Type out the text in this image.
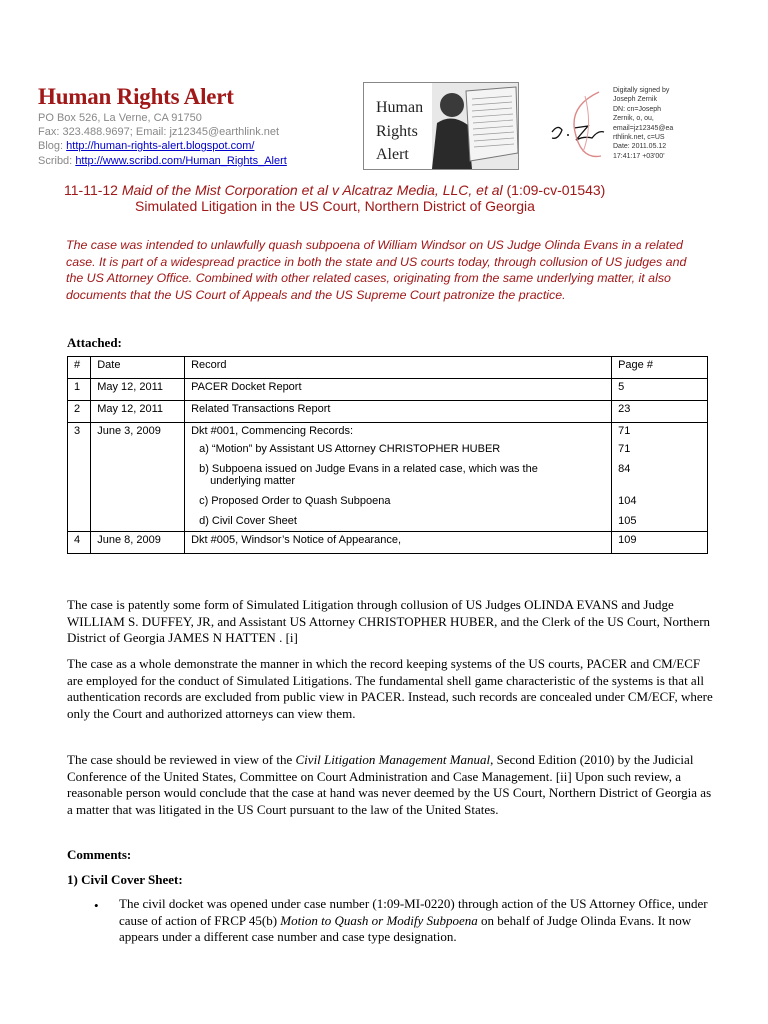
Human Rights Alert
PO Box 526, La Verne, CA 91750
Fax: 323.488.9697; Email: jz12345@earthlink.net
Blog: http://human-rights-alert.blogspot.com/
Scribd: http://www.scribd.com/Human_Rights_Alert
Human
Rights
Alert
Digitally signed by
Joseph Zernik
DN: cn=Joseph
Zernik, o, ou,
email=jz12345@ea
rthlink.net, c=US
Date: 2011.05.12
17:41:17 +03'00'
11-11-12 Maid of the Mist Corporation et al v Alcatraz Media, LLC, et al (1:09-cv-01543)
Simulated Litigation in the US Court, Northern District of Georgia
The case was intended to unlawfully quash subpoena of William Windsor on US Judge Olinda Evans in a related case. It is part of a widespread practice in both the state and US courts today, through collusion of US judges and the US Attorney Office. Combined with other related cases, originating from the same underlying matter, it also documents that the US Court of Appeals and the US Supreme Court patronize the practice.
Attached:
#	Date	Record	Page #
1	May 12, 2011	PACER Docket Report	5
2	May 12, 2011	Related Transactions Report	23
3	June 3, 2009	Dkt #001, Commencing Records:	71
		a) “Motion” by Assistant US Attorney CHRISTOPHER HUBER	71

		b) Subpoena issued on Judge Evans in a related case, which was the
underlying matter	84
		c) Proposed Order to Quash Subpoena	104
		d) Civil Cover Sheet	105
4	June 8, 2009	Dkt #005, Windsor’s Notice of Appearance,	109
The case is patently some form of Simulated Litigation through collusion of US Judges OLINDA EVANS and Judge WILLIAM S. DUFFEY, JR, and Assistant US Attorney CHRISTOPHER HUBER, and the Clerk of the US Court, Northern District of Georgia JAMES N HATTEN . [i]
The case as a whole demonstrate the manner in which the record keeping systems of the US courts, PACER and CM/ECF are employed for the conduct of Simulated Litigations. The fundamental shell game characteristic of the systems is that all authentication records are excluded from public view in PACER. Instead, such records are concealed under CM/ECF, where only the Court and authorized attorneys can view them.
The case should be reviewed in view of the Civil Litigation Management Manual, Second Edition (2010) by the Judicial Conference of the United States, Committee on Court Administration and Case Management. [ii] Upon such review, a reasonable person would conclude that the case at hand was never deemed by the US Court, Northern District of Georgia as a matter that was litigated in the US Court pursuant to the law of the United States.
Comments:
1) Civil Cover Sheet:
• The civil docket was opened under case number (1:09-MI-0220) through action of the US Attorney Office, under cause of action of FRCP 45(b) Motion to Quash or Modify Subpoena on behalf of Judge Olinda Evans. It now appears under a different case number and case type designation.
